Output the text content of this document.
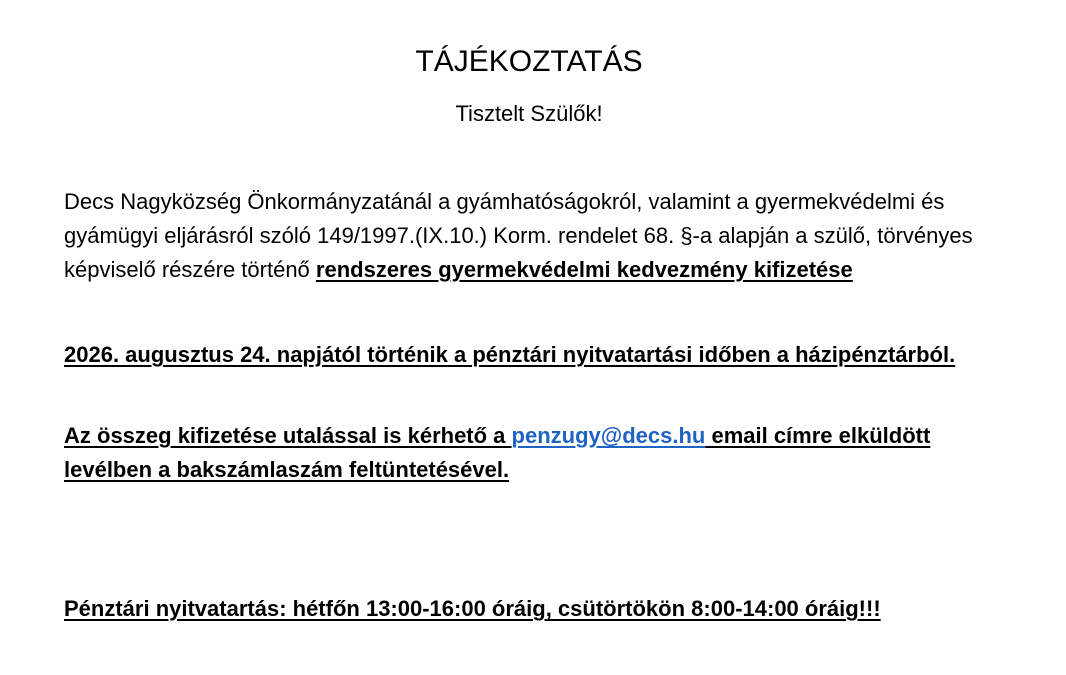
TÁJÉKOZTATÁS
Tisztelt Szülők!

Decs Nagyközség Önkormányzatánál a gyámhatóságokról, valamint a gyermekvédelmi és gyámügyi eljárásról szóló 149/1997.(IX.10.) Korm. rendelet 68. §-a alapján a szülő, törvényes képviselő részére történő rendszeres gyermekvédelmi kedvezmény kifizetése

2026. augusztus 24. napjától történik a pénztári nyitvatartási időben a házipénztárból.

Az összeg kifizetése utalással is kérhető a penzugy@decs.hu email címre elküldött levélben a bakszámlaszám feltüntetésével.

Pénztári nyitvatartás: hétfőn 13:00-16:00 óráig, csütörtökön 8:00-14:00 óráig!!!
